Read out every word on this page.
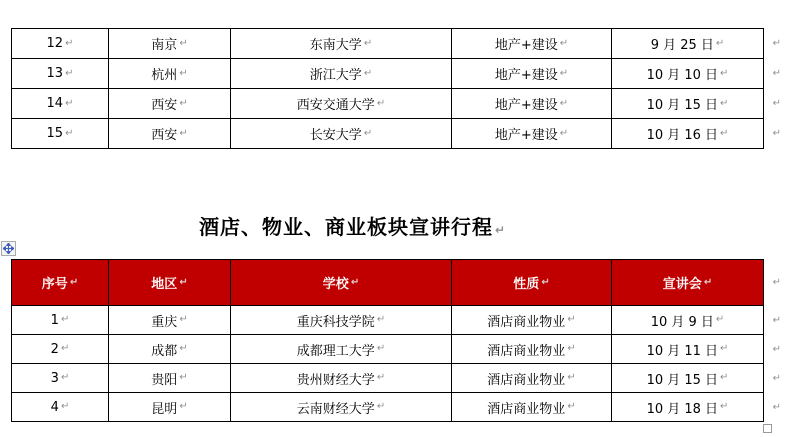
12 ↵	南京 ↵	东南大学 ↵	地产+建设 ↵	9 月 25 日 ↵	↵
13 ↵	杭州 ↵	浙江大学 ↵	地产+建设 ↵	10 月 10 日 ↵	↵
14 ↵	西安 ↵	西安交通大学 ↵	地产+建设 ↵	10 月 15 日 ↵	↵
15 ↵	西安 ↵	长安大学 ↵	地产+建设 ↵	10 月 16 日 ↵	↵
酒店、物业、商业板块宣讲行程 ↵
序号 ↵	地区 ↵	学校 ↵	性质 ↵	宣讲会 ↵	↵
1 ↵	重庆 ↵	重庆科技学院 ↵	酒店商业物业 ↵	10 月 9 日 ↵	↵
2 ↵	成都 ↵	成都理工大学 ↵	酒店商业物业 ↵	10 月 11 日 ↵	↵
3 ↵	贵阳 ↵	贵州财经大学 ↵	酒店商业物业 ↵	10 月 15 日 ↵	↵
4 ↵	昆明 ↵	云南财经大学 ↵	酒店商业物业 ↵	10 月 18 日 ↵	↵
